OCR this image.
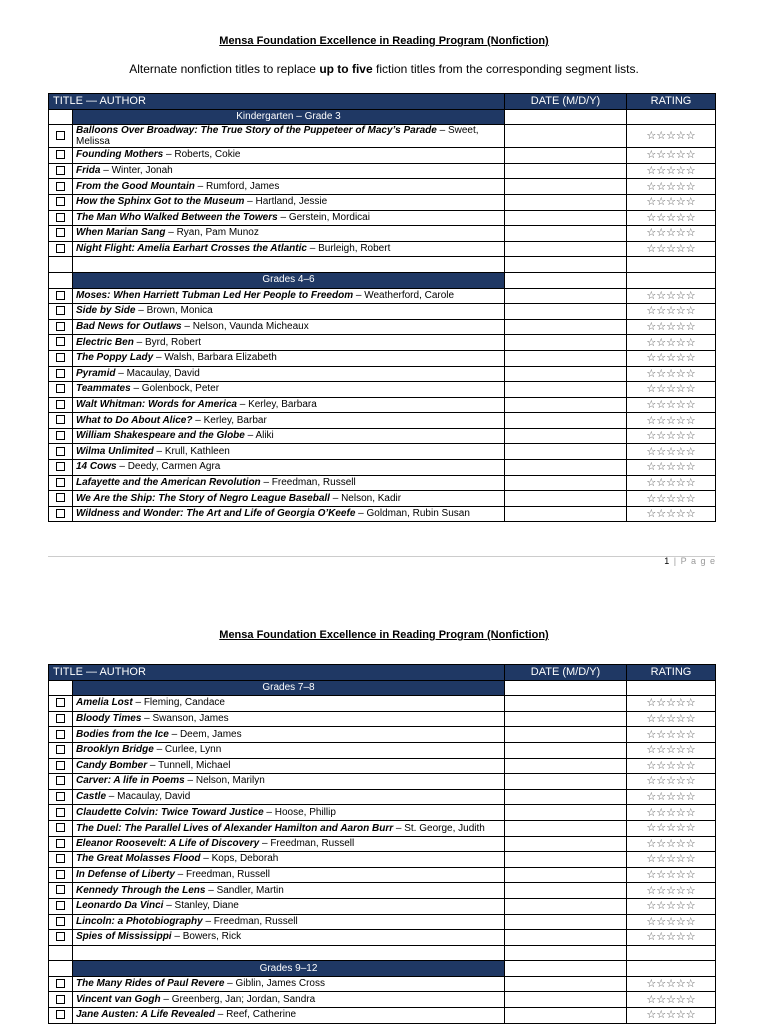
Mensa Foundation Excellence in Reading Program (Nonfiction)
Alternate nonfiction titles to replace up to five fiction titles from the corresponding segment lists.
TITLE — AUTHOR		DATE (M/D/Y)	RATING
	Kindergarten – Grade 3		
	Balloons Over Broadway: The True Story of the Puppeteer of Macy’s Parade – Sweet, Melissa		☆☆☆☆☆
	Founding Mothers – Roberts, Cokie		☆☆☆☆☆
	Frida – Winter, Jonah		☆☆☆☆☆
	From the Good Mountain – Rumford, James		☆☆☆☆☆
	How the Sphinx Got to the Museum – Hartland, Jessie		☆☆☆☆☆
	The Man Who Walked Between the Towers – Gerstein, Mordicai		☆☆☆☆☆
	When Marian Sang – Ryan, Pam Munoz		☆☆☆☆☆
	Night Flight: Amelia Earhart Crosses the Atlantic – Burleigh, Robert		☆☆☆☆☆

	Grades 4–6		
	Moses: When Harriett Tubman Led Her People to Freedom – Weatherford, Carole		☆☆☆☆☆
	Side by Side – Brown, Monica		☆☆☆☆☆
	Bad News for Outlaws – Nelson, Vaunda Micheaux		☆☆☆☆☆
	Electric Ben – Byrd, Robert		☆☆☆☆☆
	The Poppy Lady – Walsh, Barbara Elizabeth		☆☆☆☆☆
	Pyramid – Macaulay, David		☆☆☆☆☆
	Teammates – Golenbock, Peter		☆☆☆☆☆
	Walt Whitman: Words for America – Kerley, Barbara		☆☆☆☆☆
	What to Do About Alice? – Kerley, Barbar		☆☆☆☆☆
	William Shakespeare and the Globe – Aliki		☆☆☆☆☆
	Wilma Unlimited – Krull, Kathleen		☆☆☆☆☆
	14 Cows – Deedy, Carmen Agra		☆☆☆☆☆
	Lafayette and the American Revolution – Freedman, Russell		☆☆☆☆☆
	We Are the Ship: The Story of Negro League Baseball – Nelson, Kadir		☆☆☆☆☆
	Wildness and Wonder: The Art and Life of Georgia O’Keefe – Goldman, Rubin Susan		☆☆☆☆☆
1 | P a g e
Mensa Foundation Excellence in Reading Program (Nonfiction)
TITLE — AUTHOR		DATE (M/D/Y)	RATING
	Grades 7–8		
	Amelia Lost – Fleming, Candace		☆☆☆☆☆
	Bloody Times – Swanson, James		☆☆☆☆☆
	Bodies from the Ice – Deem, James		☆☆☆☆☆
	Brooklyn Bridge – Curlee, Lynn		☆☆☆☆☆
	Candy Bomber – Tunnell, Michael		☆☆☆☆☆
	Carver: A life in Poems – Nelson, Marilyn		☆☆☆☆☆
	Castle – Macaulay, David		☆☆☆☆☆
	Claudette Colvin: Twice Toward Justice – Hoose, Phillip		☆☆☆☆☆
	The Duel: The Parallel Lives of Alexander Hamilton and Aaron Burr – St. George, Judith		☆☆☆☆☆
	Eleanor Roosevelt: A Life of Discovery – Freedman, Russell		☆☆☆☆☆
	The Great Molasses Flood – Kops, Deborah		☆☆☆☆☆
	In Defense of Liberty – Freedman, Russell		☆☆☆☆☆
	Kennedy Through the Lens – Sandler, Martin		☆☆☆☆☆
	Leonardo Da Vinci – Stanley, Diane		☆☆☆☆☆
	Lincoln: a Photobiography – Freedman, Russell		☆☆☆☆☆
	Spies of Mississippi – Bowers, Rick		☆☆☆☆☆

	Grades 9–12		
	The Many Rides of Paul Revere – Giblin, James Cross		☆☆☆☆☆
	Vincent van Gogh – Greenberg, Jan; Jordan, Sandra		☆☆☆☆☆
	Jane Austen: A Life Revealed – Reef, Catherine		☆☆☆☆☆
